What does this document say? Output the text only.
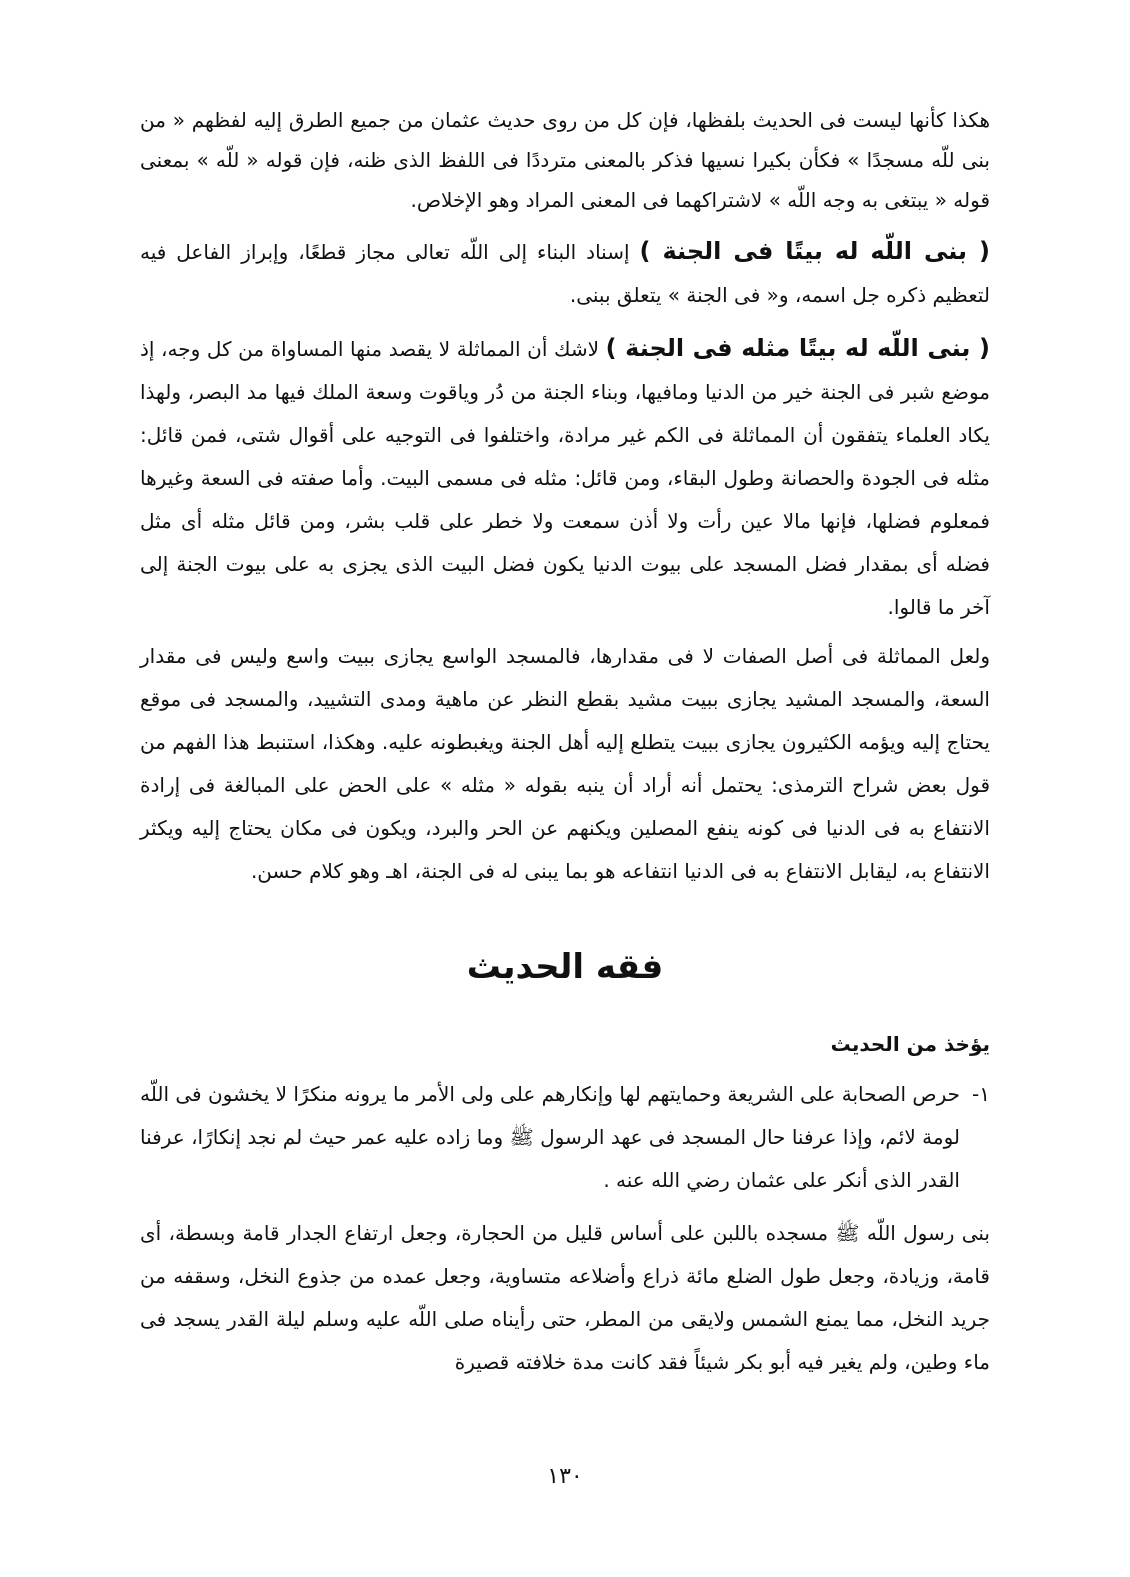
هكذا كأنها ليست فى الحديث بلفظها، فإن كل من روى حديث عثمان من جميع الطرق إليه لفظهم « من بنى للّه مسجدًا » فكأن بكيرا نسيها فذكر بالمعنى مترددًا فى اللفظ الذى ظنه، فإن قوله « للّه » بمعنى قوله « يبتغى به وجه اللّه » لاشتراكهما فى المعنى المراد وهو الإخلاص.

( بنى اللّه له بيتًا فى الجنة ) إسناد البناء إلى اللّه تعالى مجاز قطعًا، وإبراز الفاعل فيه لتعظيم ذكره جل اسمه، و« فى الجنة » يتعلق ببنى.

( بنى اللّه له بيتًا مثله فى الجنة ) لاشك أن المماثلة لا يقصد منها المساواة من كل وجه، إذ موضع شبر فى الجنة خير من الدنيا ومافيها، وبناء الجنة من دُر وياقوت وسعة الملك فيها مد البصر، ولهذا يكاد العلماء يتفقون أن المماثلة فى الكم غير مرادة، واختلفوا فى التوجيه على أقوال شتى، فمن قائل: مثله فى الجودة والحصانة وطول البقاء، ومن قائل: مثله فى مسمى البيت. وأما صفته فى السعة وغيرها فمعلوم فضلها، فإنها مالا عين رأت ولا أذن سمعت ولا خطر على قلب بشر، ومن قائل مثله أى مثل فضله أى بمقدار فضل المسجد على بيوت الدنيا يكون فضل البيت الذى يجزى به على بيوت الجنة إلى آخر ما قالوا.

ولعل المماثلة فى أصل الصفات لا فى مقدارها، فالمسجد الواسع يجازى ببيت واسع وليس فى مقدار السعة، والمسجد المشيد يجازى ببيت مشيد بقطع النظر عن ماهية ومدى التشييد، والمسجد فى موقع يحتاج إليه ويؤمه الكثيرون يجازى ببيت يتطلع إليه أهل الجنة ويغبطونه عليه. وهكذا، استنبط هذا الفهم من قول بعض شراح الترمذى: يحتمل أنه أراد أن ينبه بقوله « مثله » على الحض على المبالغة فى إرادة الانتفاع به فى الدنيا فى كونه ينفع المصلين ويكنهم عن الحر والبرد، ويكون فى مكان يحتاج إليه ويكثر الانتفاع به، ليقابل الانتفاع به فى الدنيا انتفاعه هو بما يبنى له فى الجنة، اهـ وهو كلام حسن.

فقه الحديث
يؤخذ من الحديث
١-
حرص الصحابة على الشريعة وحمايتهم لها وإنكارهم على ولى الأمر ما يرونه منكرًا لا يخشون فى اللّه لومة لائم، وإذا عرفنا حال المسجد فى عهد الرسول ﷺ وما زاده عليه عمر حيث لم نجد إنكارًا، عرفنا القدر الذى أنكر على عثمان رضي الله عنه .

بنى رسول اللّه ﷺ مسجده باللبن على أساس قليل من الحجارة، وجعل ارتفاع الجدار قامة وبسطة، أى قامة، وزيادة، وجعل طول الضلع مائة ذراع وأضلاعه متساوية، وجعل عمده من جذوع النخل، وسقفه من جريد النخل، مما يمنع الشمس ولايقى من المطر، حتى رأيناه صلى اللّه عليه وسلم ليلة القدر يسجد فى ماء وطين، ولم يغير فيه أبو بكر شيئاً فقد كانت مدة خلافته قصيرة

١٣٠
